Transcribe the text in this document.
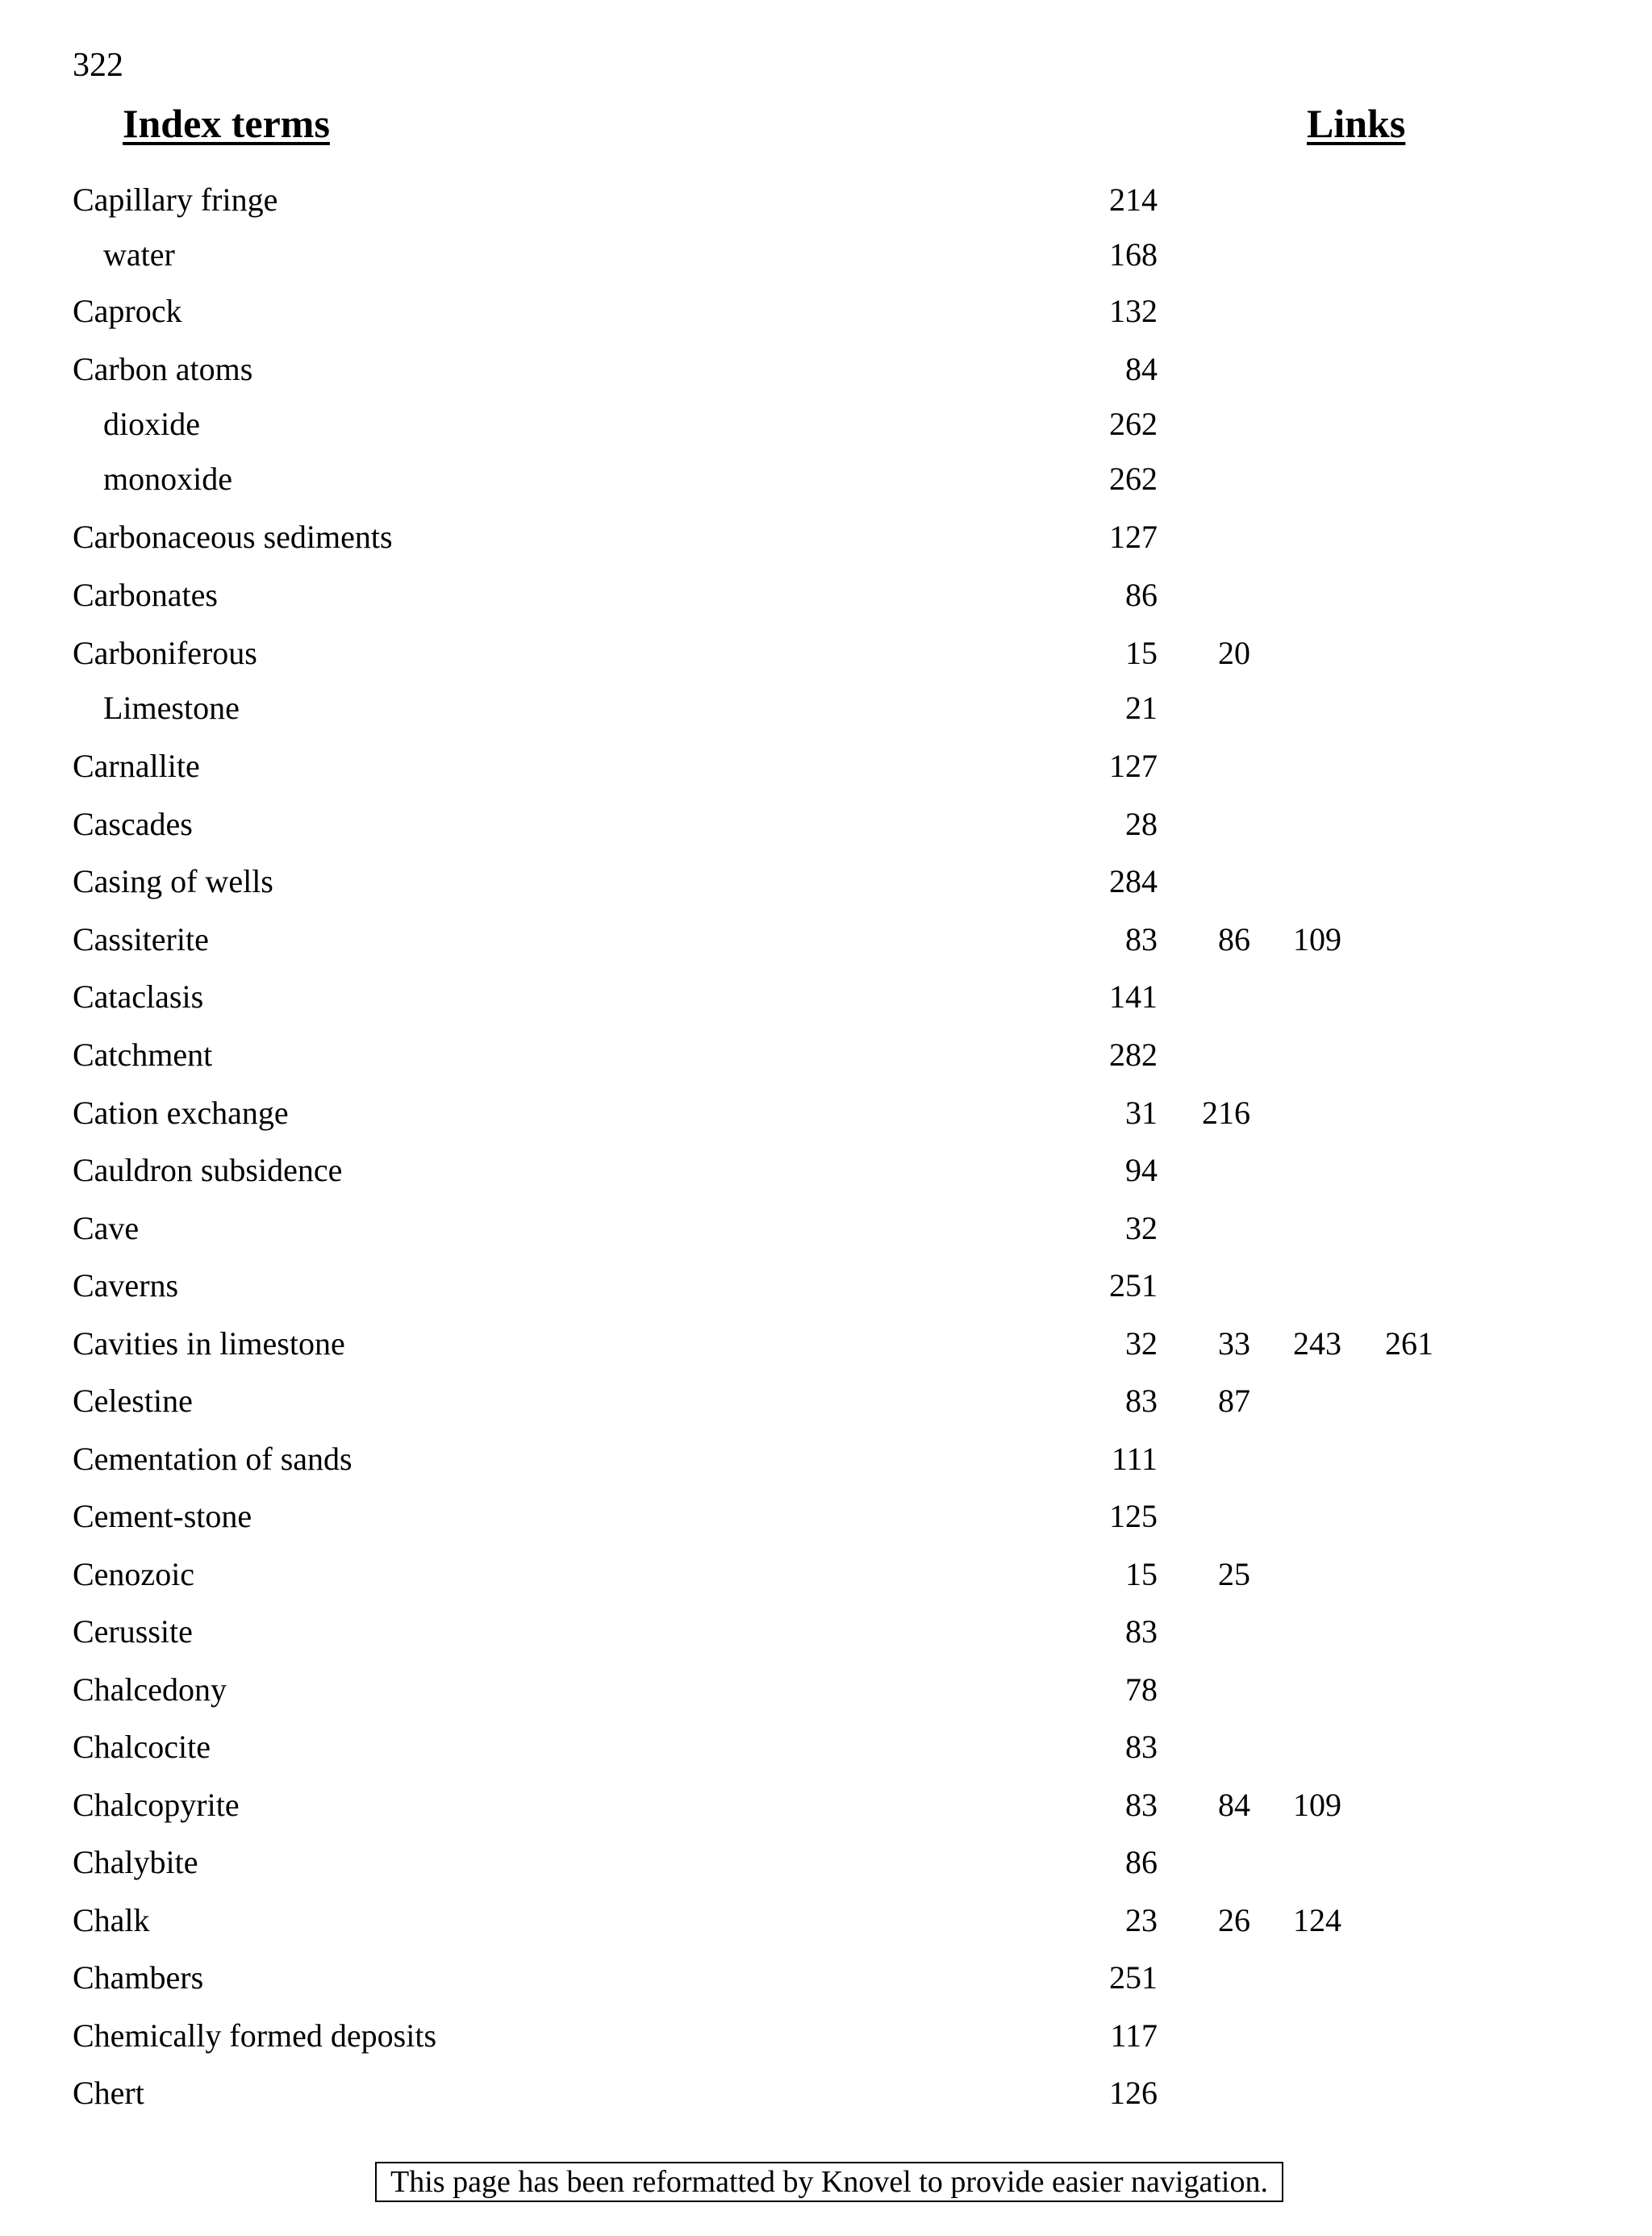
322
Index terms	Links
Capillary fringe	214
water	168
Caprock	132
Carbon atoms	84
dioxide	262
monoxide	262
Carbonaceous sediments	127
Carbonates	86
Carboniferous	15	20
Limestone	21
Carnallite	127
Cascades	28
Casing of wells	284
Cassiterite	83	86	109
Cataclasis	141
Catchment	282
Cation exchange	31	216
Cauldron subsidence	94
Cave	32
Caverns	251
Cavities in limestone	32	33	243	261
Celestine	83	87
Cementation of sands	111
Cement-stone	125
Cenozoic	15	25
Cerussite	83
Chalcedony	78
Chalcocite	83
Chalcopyrite	83	84	109
Chalybite	86
Chalk	23	26	124
Chambers	251
Chemically formed deposits	117
Chert	126
This page has been reformatted by Knovel to provide easier navigation.
